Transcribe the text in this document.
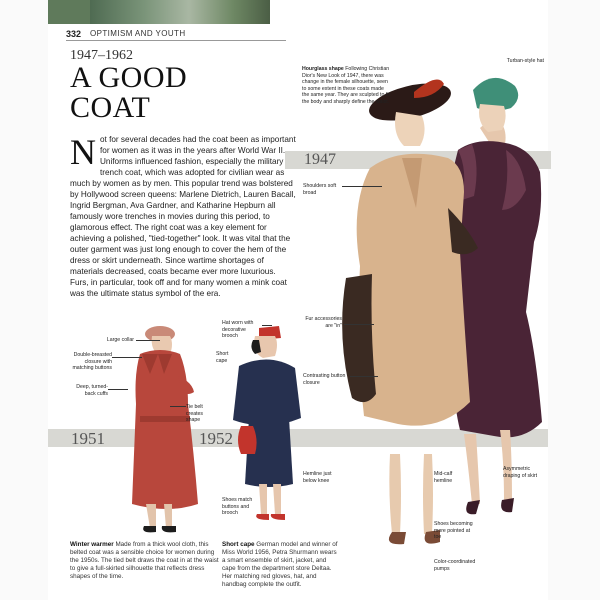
332 OPTIMISM AND YOUTH
1947–1962
A GOOD
COAT
Not for several decades had the coat been as important for women as it was in the years after World War II. Uniforms influenced fashion, especially the military trench coat, which was adopted for civilian wear as much by women as by men. This popular trend was bolstered by Hollywood screen queens: Marlene Dietrich, Lauren Bacall, Ingrid Bergman, Ava Gardner, and Katharine Hepburn all famously wore trenches in movies during this period, to glamorous effect. The right coat was a key element for achieving a polished, "tied-together" look. It was vital that the outer garment was just long enough to cover the hem of the dress or skirt underneath. Since wartime shortages of materials decreased, coats became ever more luxurious. Furs, in particular, took off and for many women a mink coat was the ultimate status symbol of the era.
1947
1951	1952
Hourglass shape Following Christian Dior's New Look of 1947, there was change in the female silhouette, seen to some extent in these coats made the same year. They are sculpted to fit the body and sharply define the waist.
Turban-style hat
Shoulders soft broad
Fur accessories are "in"
Contrasting button closure
Hemline just below knee
Mid-calf hemline
Asymmetric draping of skirt
Shoes becoming more pointed at toe
Color-coordinated pumps
Large collar
Double-breasted closure with matching buttons
Deep, turned-back cuffs
Tie belt creates shape
Hat worn with decorative brooch
Short cape
Shoes match buttons and brooch
Winter warmer Made from a thick wool cloth, this belted coat was a sensible choice for women during the 1950s. The tied belt draws the coat in at the waist to give a full-skirted silhouette that reflects dress shapes of the time.
Short cape German model and winner of Miss World 1956, Petra Shurmann wears a smart ensemble of skirt, jacket, and cape from the department store Deltaa. Her matching red gloves, hat, and handbag complete the outfit.
